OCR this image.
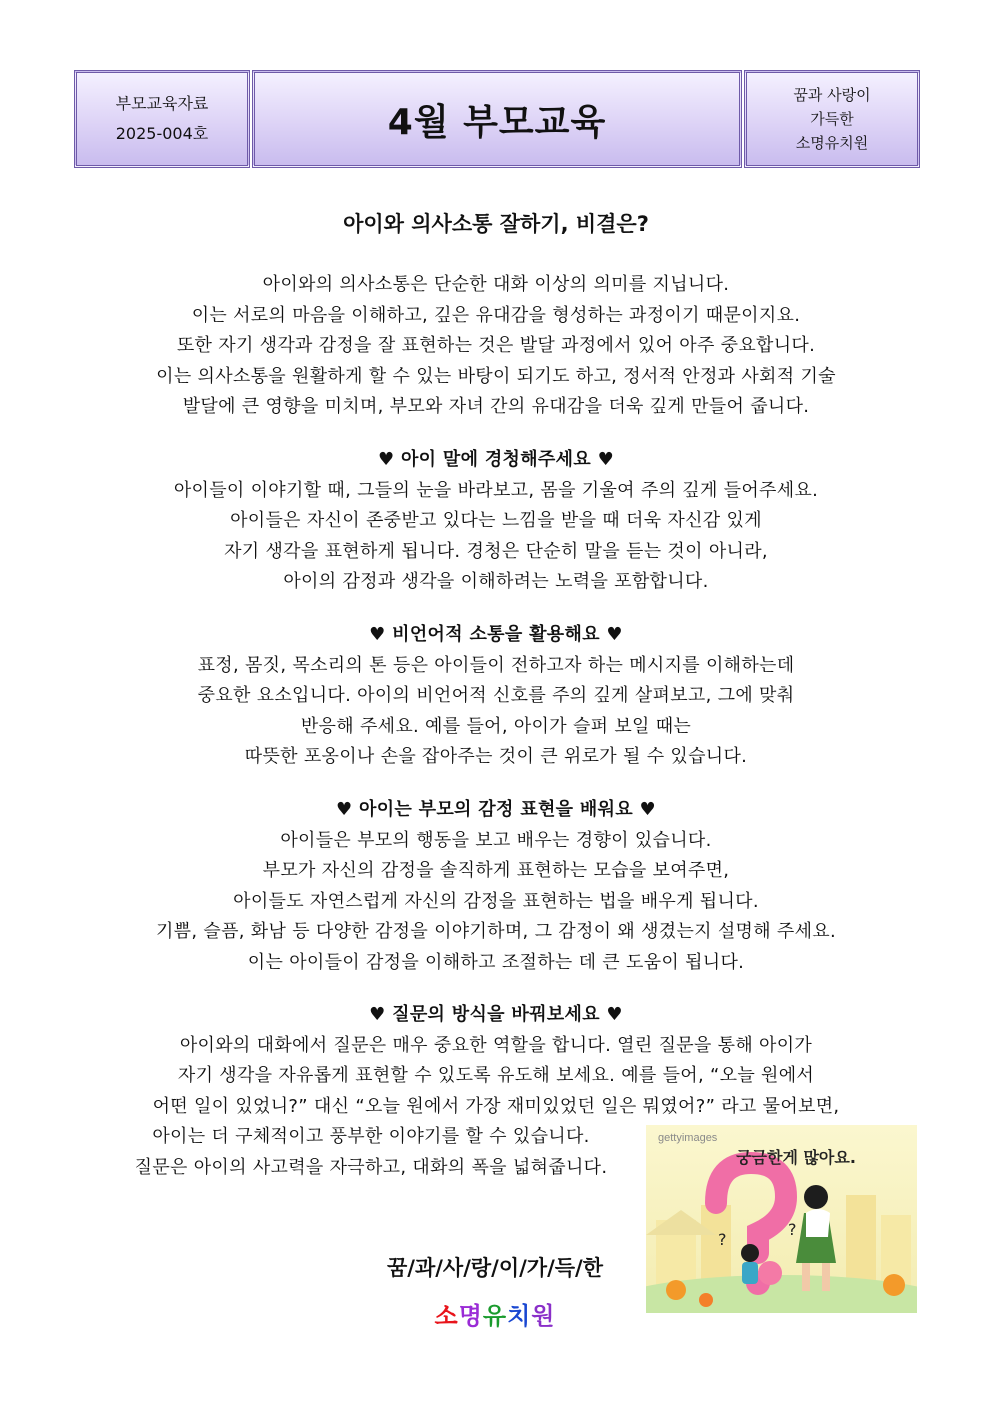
부모교육자료
2025-004호	4월 부모교육
꿈과 사랑이
가득한
소명유치원
아이와 의사소통 잘하기, 비결은?
아이와의 의사소통은 단순한 대화 이상의 의미를 지닙니다.
이는 서로의 마음을 이해하고, 깊은 유대감을 형성하는 과정이기 때문이지요.
또한 자기 생각과 감정을 잘 표현하는 것은 발달 과정에서 있어 아주 중요합니다.
이는 의사소통을 원활하게 할 수 있는 바탕이 되기도 하고, 정서적 안정과 사회적 기술
발달에 큰 영향을 미치며, 부모와 자녀 간의 유대감을 더욱 깊게 만들어 줍니다.
♥ 아이 말에 경청해주세요 ♥
아이들이 이야기할 때, 그들의 눈을 바라보고, 몸을 기울여 주의 깊게 들어주세요.
아이들은 자신이 존중받고 있다는 느낌을 받을 때 더욱 자신감 있게
자기 생각을 표현하게 됩니다. 경청은 단순히 말을 듣는 것이 아니라,
아이의 감정과 생각을 이해하려는 노력을 포함합니다.
♥ 비언어적 소통을 활용해요 ♥
표정, 몸짓, 목소리의 톤 등은 아이들이 전하고자 하는 메시지를 이해하는데
중요한 요소입니다. 아이의 비언어적 신호를 주의 깊게 살펴보고, 그에 맞춰
반응해 주세요. 예를 들어, 아이가 슬퍼 보일 때는
따뜻한 포옹이나 손을 잡아주는 것이 큰 위로가 될 수 있습니다.
♥ 아이는 부모의 감정 표현을 배워요 ♥
아이들은 부모의 행동을 보고 배우는 경향이 있습니다.
부모가 자신의 감정을 솔직하게 표현하는 모습을 보여주면,
아이들도 자연스럽게 자신의 감정을 표현하는 법을 배우게 됩니다.
기쁨, 슬픔, 화남 등 다양한 감정을 이야기하며, 그 감정이 왜 생겼는지 설명해 주세요.
이는 아이들이 감정을 이해하고 조절하는 데 큰 도움이 됩니다.
♥ 질문의 방식을 바꿔보세요 ♥
아이와의 대화에서 질문은 매우 중요한 역할을 합니다. 열린 질문을 통해 아이가
자기 생각을 자유롭게 표현할 수 있도록 유도해 보세요. 예를 들어, “오늘 원에서
어떤 일이 있었니?” 대신 “오늘 원에서 가장 재미있었던 일은 뭐였어?” 라고 물어보면,
아이는 더 구체적이고 풍부한 이야기를 할 수 있습니다.
질문은 아이의 사고력을 자극하고, 대화의 폭을 넓혀줍니다.
gettyimages
궁금한게 많아요.
?
?
꿈/과/사/랑/이/가/득/한
소명유치원
